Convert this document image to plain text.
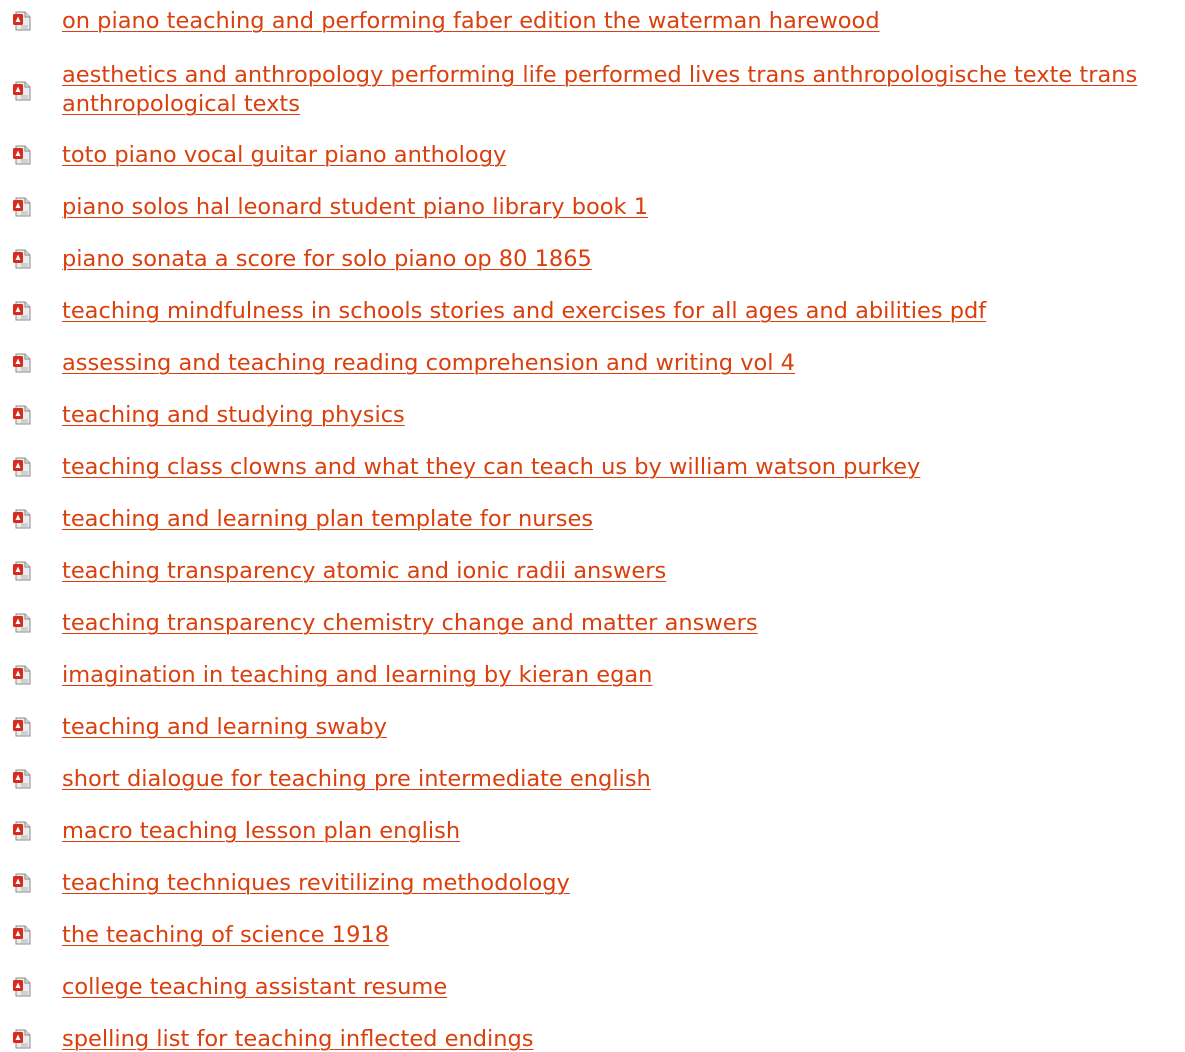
on piano teaching and performing faber edition the waterman harewood
aesthetics and anthropology performing life performed lives trans anthropologische texte trans anthropological texts
toto piano vocal guitar piano anthology
piano solos hal leonard student piano library book 1
piano sonata a score for solo piano op 80 1865
teaching mindfulness in schools stories and exercises for all ages and abilities pdf
assessing and teaching reading comprehension and writing vol 4
teaching and studying physics
teaching class clowns and what they can teach us by william watson purkey
teaching and learning plan template for nurses
teaching transparency atomic and ionic radii answers
teaching transparency chemistry change and matter answers
imagination in teaching and learning by kieran egan
teaching and learning swaby
short dialogue for teaching pre intermediate english
macro teaching lesson plan english
teaching techniques revitilizing methodology
the teaching of science 1918
college teaching assistant resume
spelling list for teaching inflected endings
